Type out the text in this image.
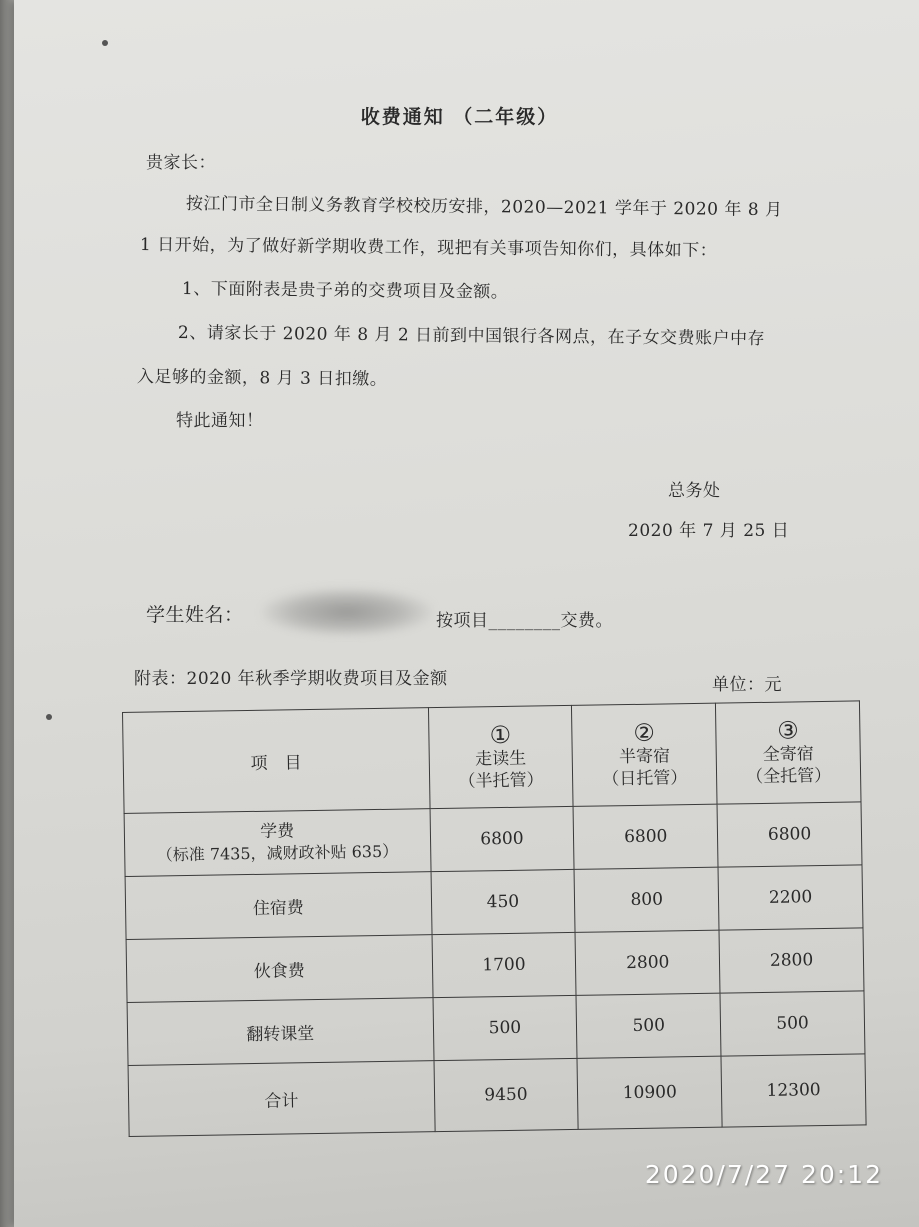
收费通知 （二年级）
贵家长：
按江门市全日制义务教育学校校历安排，2020—2021 学年于 2020 年 8 月
1 日开始，为了做好新学期收费工作，现把有关事项告知你们，具体如下：
1、下面附表是贵子弟的交费项目及金额。
2、请家长于 2020 年 8 月 2 日前到中国银行各网点，在子女交费账户中存
入足够的金额，8 月 3 日扣缴。
特此通知！
总务处
2020 年 7 月 25 日
学生姓名：	按项目________交费。
附表：2020 年秋季学期收费项目及金额	单位：元
项　目	①
走读生
（半托管）	②
半寄宿
（日托管）	③
全寄宿
（全托管）

学费
（标准 7435，减财政补贴 635）	6800	6800	6800
住宿费	450	800	2200
伙食费	1700	2800	2800
翻转课堂	500	500	500
合计	9450	10900	12300
2020/7/27 20:12
